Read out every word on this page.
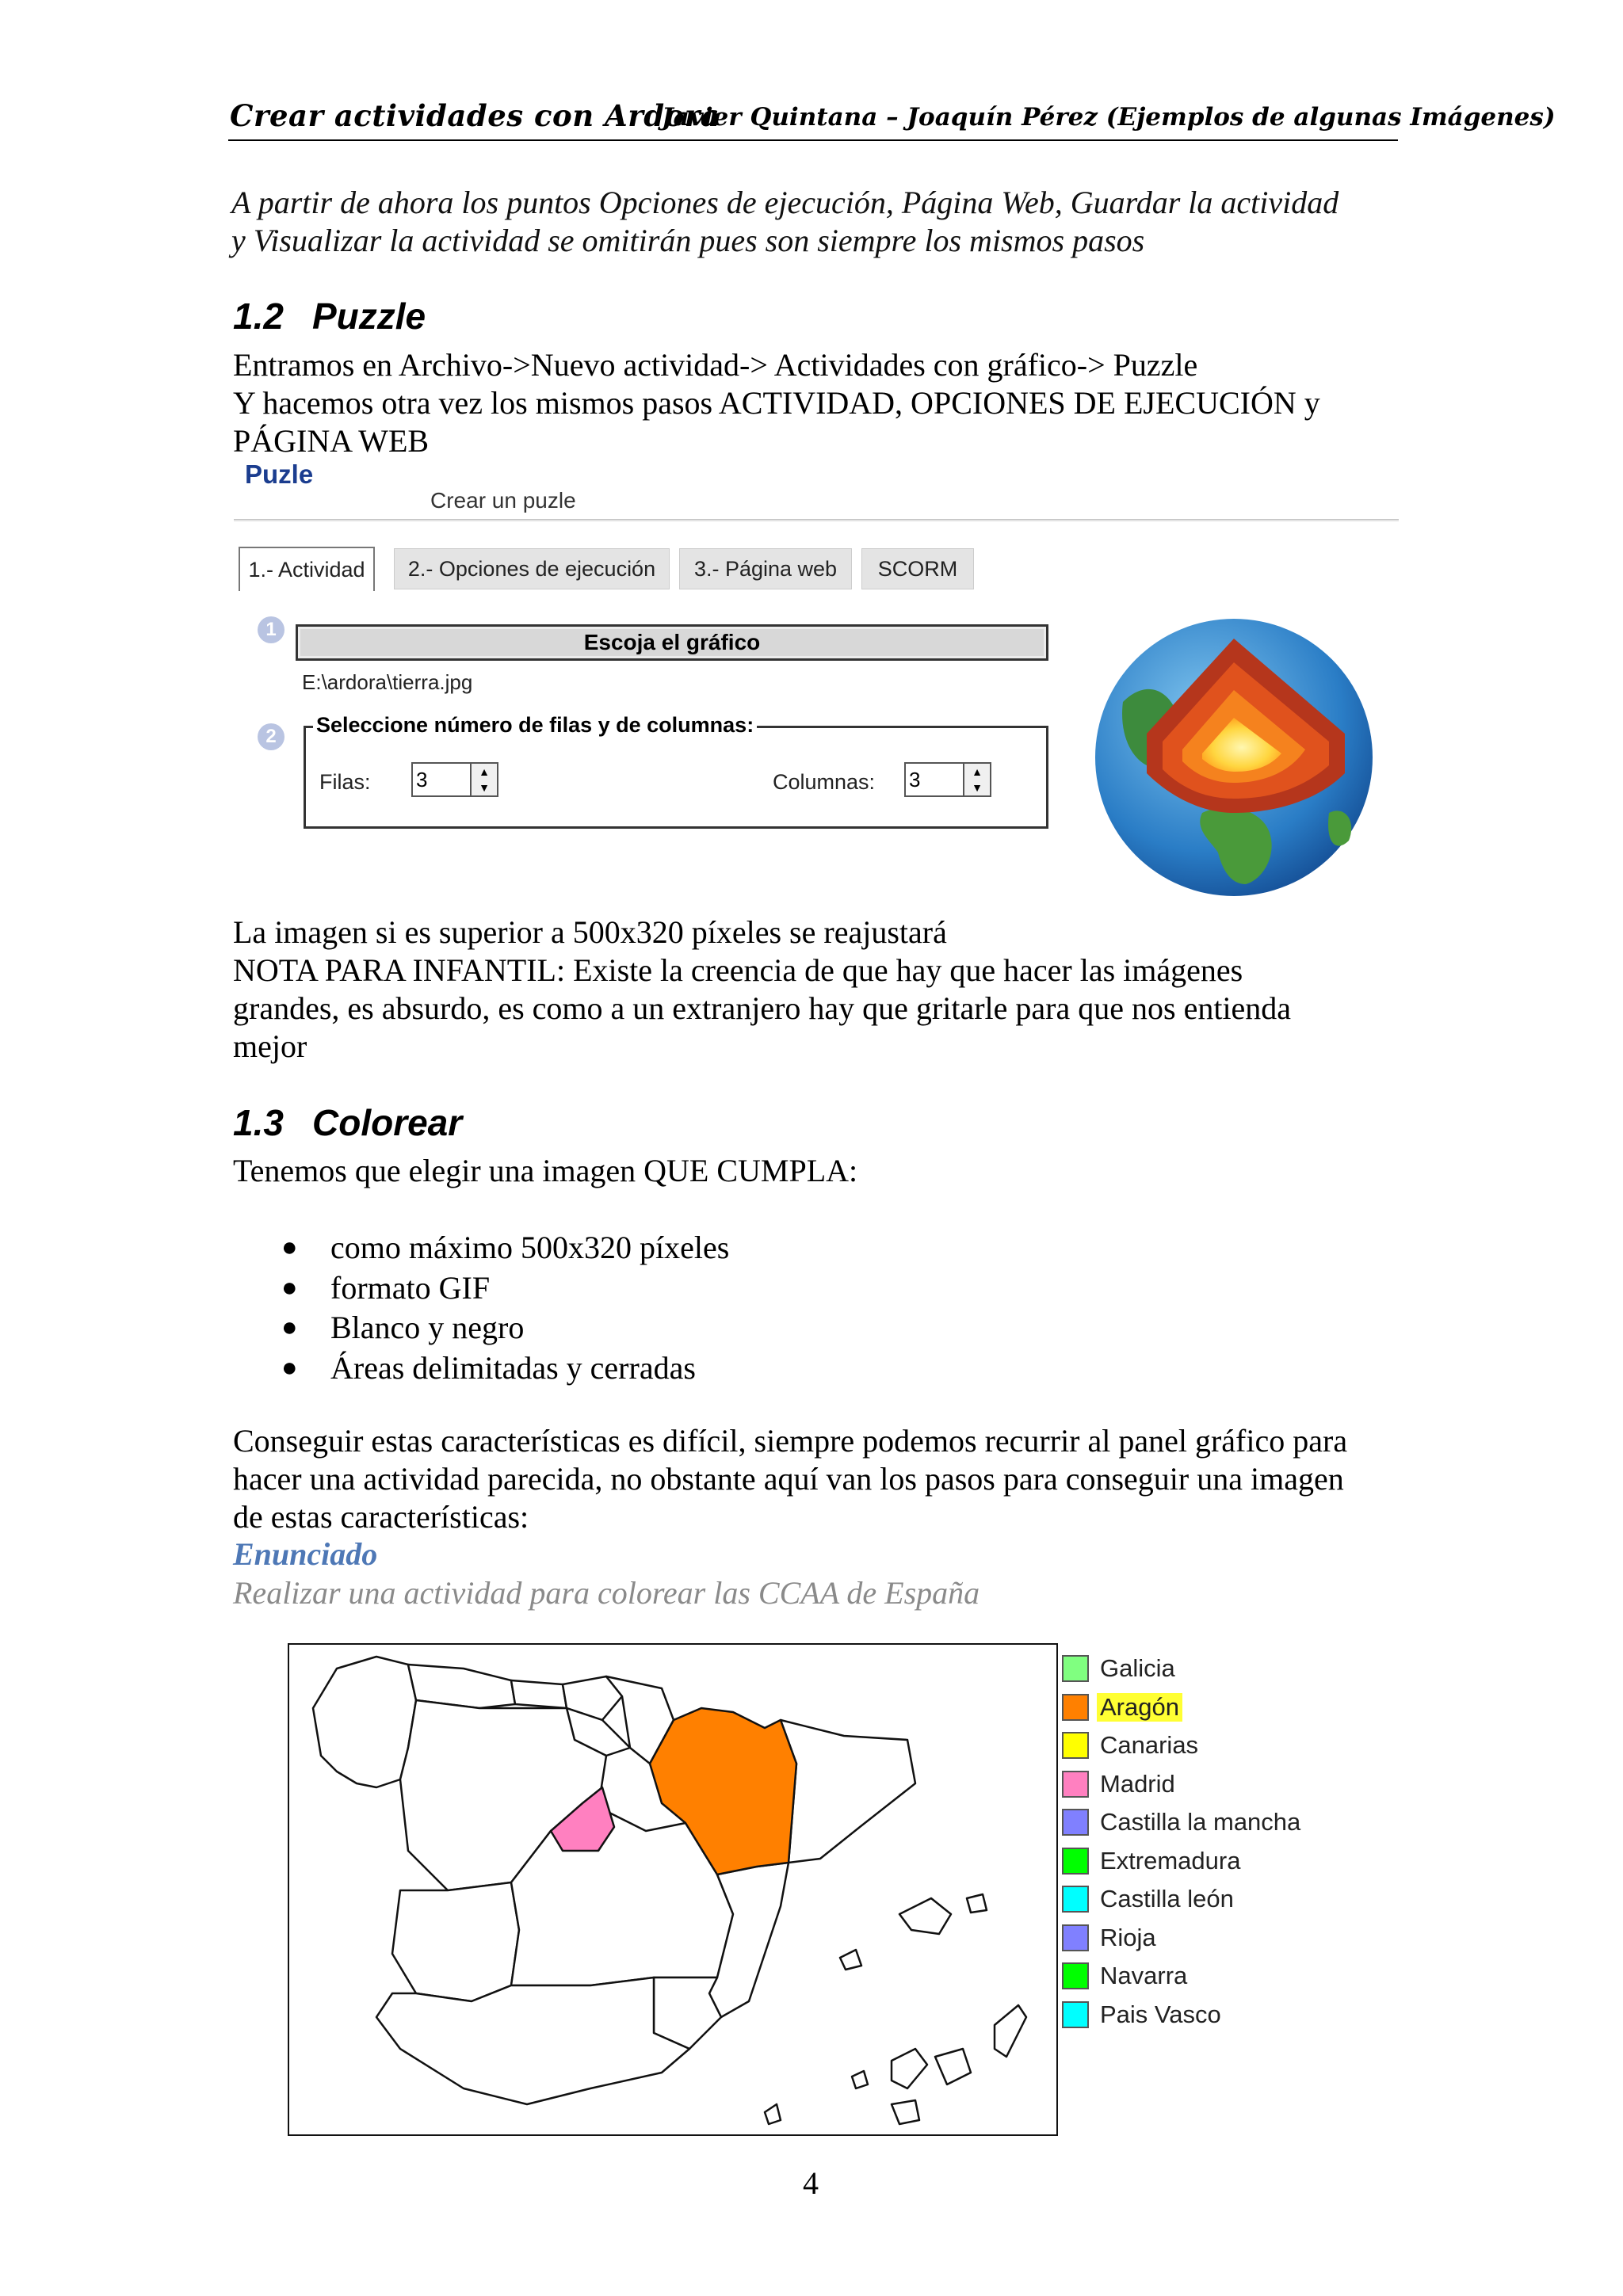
Crear actividades con Ardora
Javier Quintana – Joaquín Pérez (Ejemplos de algunas Imágenes)
A partir de ahora los puntos Opciones de ejecución, Página Web, Guardar la actividad
y Visualizar la actividad se omitirán pues son siempre los mismos pasos
1.2 Puzzle
Entramos en Archivo->Nuevo actividad-> Actividades con gráfico-> Puzzle
Y hacemos otra vez los mismos pasos ACTIVIDAD, OPCIONES DE EJECUCIÓN y
PÁGINA WEB
Puzle
Crear un puzle
1.- Actividad	2.- Opciones de ejecución	3.- Página web	SCORM
1
Escoja el gráfico
E:\ardora\tierra.jpg
2	Seleccione número de filas y de columnas:
Filas: 3	▲
▼	Columnas: 3	▲
▼
La imagen si es superior a 500x320 píxeles se reajustará
NOTA PARA INFANTIL: Existe la creencia de que hay que hacer las imágenes
grandes, es absurdo, es como a un extranjero hay que gritarle para que nos entienda
mejor
1.3 Colorear
Tenemos que elegir una imagen QUE CUMPLA:
●	como máximo 500x320 píxeles
●	formato GIF
●	Blanco y negro
●	Áreas delimitadas y cerradas
Conseguir estas características es difícil, siempre podemos recurrir al panel gráfico para
hacer una actividad parecida, no obstante aquí van los pasos para conseguir una imagen
de estas características:
Enunciado
Realizar una actividad para colorear las CCAA de España
Galicia
Aragón
Canarias
Madrid
Castilla la mancha
Extremadura
Castilla león
Rioja
Navarra
Pais Vasco
4
